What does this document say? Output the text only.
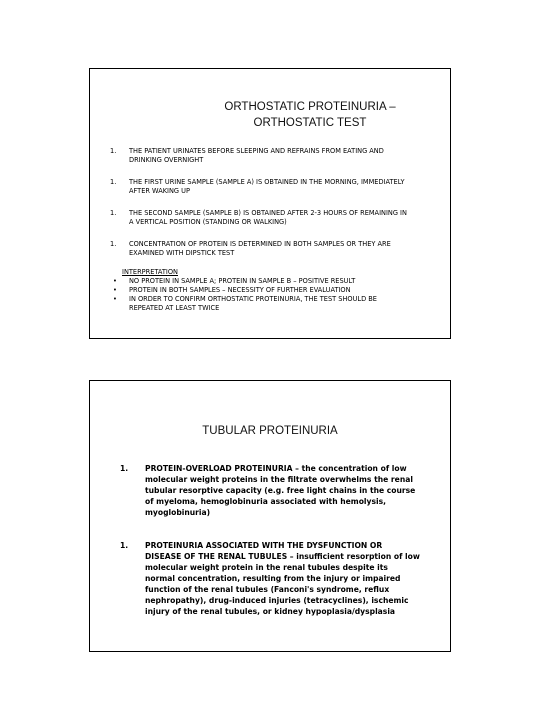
ORTHOSTATIC PROTEINURIA – ORTHOSTATIC TEST
1. THE PATIENT URINATES BEFORE SLEEPING AND REFRAINS FROM EATING AND DRINKING OVERNIGHT
1. THE FIRST URINE SAMPLE (SAMPLE A) IS OBTAINED IN THE MORNING, IMMEDIATELY AFTER WAKING UP
1. THE SECOND SAMPLE (SAMPLE B) IS OBTAINED AFTER 2-3 HOURS OF REMAINING IN A VERTICAL POSITION (STANDING OR WALKING)
1. CONCENTRATION OF PROTEIN IS DETERMINED IN BOTH SAMPLES OR THEY ARE EXAMINED WITH DIPSTICK TEST
INTERPRETATION
• NO PROTEIN IN SAMPLE A; PROTEIN IN SAMPLE B – POSITIVE RESULT
• PROTEIN IN BOTH SAMPLES – NECESSITY OF FURTHER EVALUATION
• IN ORDER TO CONFIRM ORTHOSTATIC PROTEINURIA, THE TEST SHOULD BE REPEATED AT LEAST TWICE
TUBULAR PROTEINURIA
1. PROTEIN-OVERLOAD PROTEINURIA – the concentration of low molecular weight proteins in the filtrate overwhelms the renal tubular resorptive capacity (e.g. free light chains in the course of myeloma, hemoglobinuria associated with hemolysis, myoglobinuria)
1. PROTEINURIA ASSOCIATED WITH THE DYSFUNCTION OR DISEASE OF THE RENAL TUBULES – insufficient resorption of low molecular weight protein in the renal tubules despite its normal concentration, resulting from the injury or impaired function of the renal tubules (Fanconi's syndrome, reflux nephropathy), drug-induced injuries (tetracyclines), ischemic injury of the renal tubules, or kidney hypoplasia/dysplasia
